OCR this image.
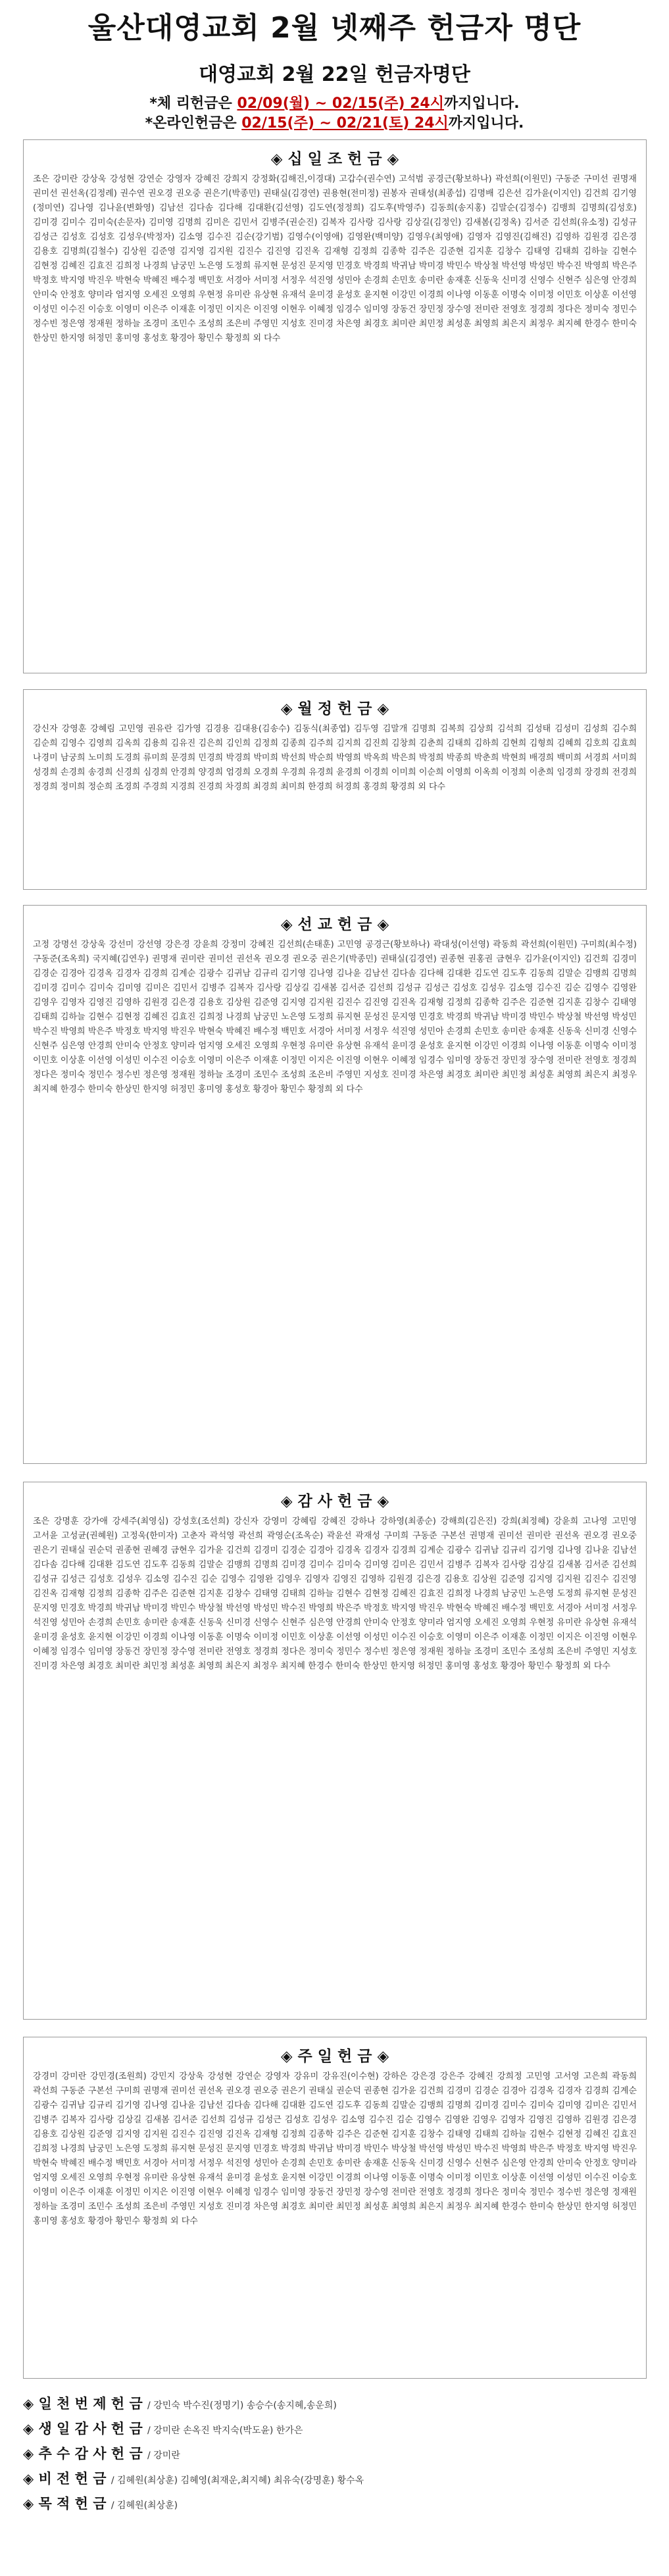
울산대영교회 2월 넷째주 헌금자 명단
대영교회 2월 22일 헌금자명단
*체 리헌금은 02/09(월) ~ 02/15(주) 24시까지입니다.
*온라인헌금은 02/15(주) ~ 02/21(토) 24시까지입니다.
◈ 십 일 조 헌 금 ◈
조은 강미란 강상욱 강성현 강연순 강영자 강혜진 강희지 강정화(김해진,이경대) 고갑수(권수연) 고석범 공경근(황보하나) 곽선희(이원민) 구동준 구미선 권명재 권미선 권선옥(김정례) 권수연 권오경 권오중 권은기(박종민) 권태실(김경연) 권용현(전미정) 권봉자 권태성(최종섭) 김명배 김은선 김가윤(이지인) 김건희 김기영(정미연) 김나영 김나윤(변화영) 김남선 김다솜 김다해 김대환(김선영) 김도연(정정희) 김도후(박영주) 김동희(송지홍) 김말순(김정수) 김맹희 김명희(김성호) 김미경 김미수 김미숙(손문자) 김미영 김명희 김미은 김민서 김병주(권순진) 김복자 김사랑 김사랑 김상길(김정인) 김새봄(김정옥) 김서준 김선희(유소정) 김성규 김성근 김성호 김성호 김성우(박정자) 김소영 김수진 김순(강기범) 김영수(이영애) 김영완(백미양) 김영우(최영애) 김영자 김영진(김해진) 김영하 김원경 김은경 김용호 김명희(김철수) 김상원 김준영 김지영 김지원 김진수 김진영 김진옥 김재형 김정희 김종학 김주은 김준현 김지훈 김창수 김태영 김태희 김하늘 김현수 김현정 김혜진 김효진 김희정 나경희 남궁민 노은영 도정희 류지현 문성진 문지영 민경호 박경희 박귀남 박미경 박민수 박상철 박선영 박성민 박수진 박영희 박은주 박정호 박지영 박진우 박현숙 박혜진 배수정 백민호 서경아 서미정 서정우 석진영 성민아 손경희 손민호 송미란 송재훈 신동욱 신미경 신영수 신현주 심은영 안경희 안미숙 안정호 양미라 엄지영 오세진 오영희 우현정 유미란 유상현 유재석 윤미경 윤성호 윤지현 이강민 이경희 이나영 이동훈 이명숙 이미정 이민호 이상훈 이선영 이성민 이수진 이승호 이영미 이은주 이재훈 이정민 이지은 이진영 이현우 이혜정 임경수 임미영 장동건 장민정 장수영 전미란 전영호 정경희 정다은 정미숙 정민수 정수빈 정은영 정재원 정하늘 조경미 조민수 조성희 조은비 주영민 지성호 진미경 차은영 최경호 최미란 최민정 최성훈 최영희 최은지 최정우 최지혜 한경수 한미숙 한상민 한지영 허정민 홍미영 홍성호 황경아 황민수 황정희 외 다수
◈ 월 정 헌 금 ◈
강신자 강영훈 강혜림 고민영 권유란 김가영 김경용 김대용(김송수) 김동식(최종엽) 김두영 김말개 김명희 김복희 김상희 김석희 김성태 김성미 김성희 김수희 김순희 김영수 김영희 김옥희 김용희 김유진 김은희 김인희 김정희 김종희 김주희 김지희 김진희 김창희 김춘희 김태희 김하희 김현희 김형희 김혜희 김호희 김효희 나경미 남궁희 노미희 도경희 류미희 문경희 민경희 박경희 박미희 박선희 박순희 박영희 박옥희 박은희 박정희 박종희 박춘희 박현희 배경희 백미희 서경희 서미희 성경희 손경희 송경희 신경희 심경희 안경희 양경희 엄경희 오경희 우경희 유경희 윤경희 이경희 이미희 이순희 이영희 이옥희 이정희 이춘희 임경희 장경희 전경희 정경희 정미희 정순희 조경희 주경희 지경희 진경희 차경희 최경희 최미희 한경희 허경희 홍경희 황경희 외 다수
◈ 선 교 헌 금 ◈
고정 강명선 강상욱 강선미 강선영 강은경 강윤희 강정미 강혜진 김선희(손태훈) 고민영 공경근(황보하나) 곽대성(이선영) 곽동희 곽선희(이원민) 구미희(최수정) 구동준(조옥희) 국지혜(김연우) 권명재 권미란 권미선 권선옥 권오경 권오중 권은기(박종민) 권태실(김경연) 권종현 권홍권 금현우 김가윤(이지인) 김건희 김경미 김경순 김경아 김경옥 김경자 김경희 김계순 김광수 김귀남 김규리 김기영 김나영 김나윤 김남선 김다솜 김다해 김대환 김도연 김도후 김동희 김말순 김맹희 김명희 김미경 김미수 김미숙 김미영 김미은 김민서 김병주 김복자 김사랑 김상길 김새봄 김서준 김선희 김성규 김성근 김성호 김성우 김소영 김수진 김순 김영수 김영완 김영우 김영자 김영진 김영하 김원경 김은경 김용호 김상원 김준영 김지영 김지원 김진수 김진영 김진옥 김재형 김정희 김종학 김주은 김준현 김지훈 김창수 김태영 김태희 김하늘 김현수 김현정 김혜진 김효진 김희정 나경희 남궁민 노은영 도정희 류지현 문성진 문지영 민경호 박경희 박귀남 박미경 박민수 박상철 박선영 박성민 박수진 박영희 박은주 박정호 박지영 박진우 박현숙 박혜진 배수정 백민호 서경아 서미정 서정우 석진영 성민아 손경희 손민호 송미란 송재훈 신동욱 신미경 신영수 신현주 심은영 안경희 안미숙 안정호 양미라 엄지영 오세진 오영희 우현정 유미란 유상현 유재석 윤미경 윤성호 윤지현 이강민 이경희 이나영 이동훈 이명숙 이미정 이민호 이상훈 이선영 이성민 이수진 이승호 이영미 이은주 이재훈 이정민 이지은 이진영 이현우 이혜정 임경수 임미영 장동건 장민정 장수영 전미란 전영호 정경희 정다은 정미숙 정민수 정수빈 정은영 정재원 정하늘 조경미 조민수 조성희 조은비 주영민 지성호 진미경 차은영 최경호 최미란 최민정 최성훈 최영희 최은지 최정우 최지혜 한경수 한미숙 한상민 한지영 허정민 홍미영 홍성호 황경아 황민수 황정희 외 다수
◈ 감 사 헌 금 ◈
조은 강명훈 강가애 강세주(최영심) 강성호(조선희) 강신자 강영미 강혜림 강혜진 강하나 강하영(최종순) 강해희(김은진) 강희(최정혜) 강윤희 고나영 고민영 고서윤 고성균(권혜원) 고정욱(한미자) 고춘자 곽석영 곽선희 곽영순(조옥순) 곽윤선 곽재성 구미희 구동준 구본선 권명재 권미선 권미란 권선옥 권오경 권오중 권은기 권태실 권순덕 권종현 권혜경 금현우 김가윤 김건희 김경미 김경순 김경아 김경옥 김경자 김경희 김계순 김광수 김귀남 김규리 김기영 김나영 김나윤 김남선 김다솜 김다해 김대환 김도연 김도후 김동희 김말순 김맹희 김명희 김미경 김미수 김미숙 김미영 김미은 김민서 김병주 김복자 김사랑 김상길 김새봄 김서준 김선희 김성규 김성근 김성호 김성우 김소영 김수진 김순 김영수 김영완 김영우 김영자 김영진 김영하 김원경 김은경 김용호 김상원 김준영 김지영 김지원 김진수 김진영 김진옥 김재형 김정희 김종학 김주은 김준현 김지훈 김창수 김태영 김태희 김하늘 김현수 김현정 김혜진 김효진 김희정 나경희 남궁민 노은영 도정희 류지현 문성진 문지영 민경호 박경희 박귀남 박미경 박민수 박상철 박선영 박성민 박수진 박영희 박은주 박정호 박지영 박진우 박현숙 박혜진 배수정 백민호 서경아 서미정 서정우 석진영 성민아 손경희 손민호 송미란 송재훈 신동욱 신미경 신영수 신현주 심은영 안경희 안미숙 안정호 양미라 엄지영 오세진 오영희 우현정 유미란 유상현 유재석 윤미경 윤성호 윤지현 이강민 이경희 이나영 이동훈 이명숙 이미정 이민호 이상훈 이선영 이성민 이수진 이승호 이영미 이은주 이재훈 이정민 이지은 이진영 이현우 이혜정 임경수 임미영 장동건 장민정 장수영 전미란 전영호 정경희 정다은 정미숙 정민수 정수빈 정은영 정재원 정하늘 조경미 조민수 조성희 조은비 주영민 지성호 진미경 차은영 최경호 최미란 최민정 최성훈 최영희 최은지 최정우 최지혜 한경수 한미숙 한상민 한지영 허정민 홍미영 홍성호 황경아 황민수 황정희 외 다수
◈ 주 일 헌 금 ◈
강경미 강미란 강민경(조원희) 강민지 강상욱 강성현 강연순 강영자 강유미 강유진(이수현) 강하은 강은경 강은주 강혜진 강희정 고민영 고서영 고은희 곽동희 곽선희 구동준 구본선 구미희 권명재 권미선 권선옥 권오경 권오중 권은기 권태실 권순덕 권종현 김가윤 김건희 김경미 김경순 김경아 김경옥 김경자 김경희 김계순 김광수 김귀남 김규리 김기영 김나영 김나윤 김남선 김다솜 김다해 김대환 김도연 김도후 김동희 김말순 김맹희 김명희 김미경 김미수 김미숙 김미영 김미은 김민서 김병주 김복자 김사랑 김상길 김새봄 김서준 김선희 김성규 김성근 김성호 김성우 김소영 김수진 김순 김영수 김영완 김영우 김영자 김영진 김영하 김원경 김은경 김용호 김상원 김준영 김지영 김지원 김진수 김진영 김진옥 김재형 김정희 김종학 김주은 김준현 김지훈 김창수 김태영 김태희 김하늘 김현수 김현정 김혜진 김효진 김희정 나경희 남궁민 노은영 도정희 류지현 문성진 문지영 민경호 박경희 박귀남 박미경 박민수 박상철 박선영 박성민 박수진 박영희 박은주 박정호 박지영 박진우 박현숙 박혜진 배수정 백민호 서경아 서미정 서정우 석진영 성민아 손경희 손민호 송미란 송재훈 신동욱 신미경 신영수 신현주 심은영 안경희 안미숙 안정호 양미라 엄지영 오세진 오영희 우현정 유미란 유상현 유재석 윤미경 윤성호 윤지현 이강민 이경희 이나영 이동훈 이명숙 이미정 이민호 이상훈 이선영 이성민 이수진 이승호 이영미 이은주 이재훈 이정민 이지은 이진영 이현우 이혜정 임경수 임미영 장동건 장민정 장수영 전미란 전영호 정경희 정다은 정미숙 정민수 정수빈 정은영 정재원 정하늘 조경미 조민수 조성희 조은비 주영민 지성호 진미경 차은영 최경호 최미란 최민정 최성훈 최영희 최은지 최정우 최지혜 한경수 한미숙 한상민 한지영 허정민 홍미영 홍성호 황경아 황민수 황정희 외 다수
◈ 일 천 번 제 헌 금 / 강민숙 박수진(정명기) 송승수(송지혜,송운희)
◈ 생 일 감 사 헌 금 / 강미란 손옥진 박지숙(박도윤) 한가은
◈ 추 수 감 사 헌 금 / 강미란
◈ 비 전 헌 금 / 김혜원(최상훈) 김혜영(최재운,최지혜) 최유숙(강명훈) 황수옥
◈ 목 적 헌 금 / 김혜원(최상훈)
